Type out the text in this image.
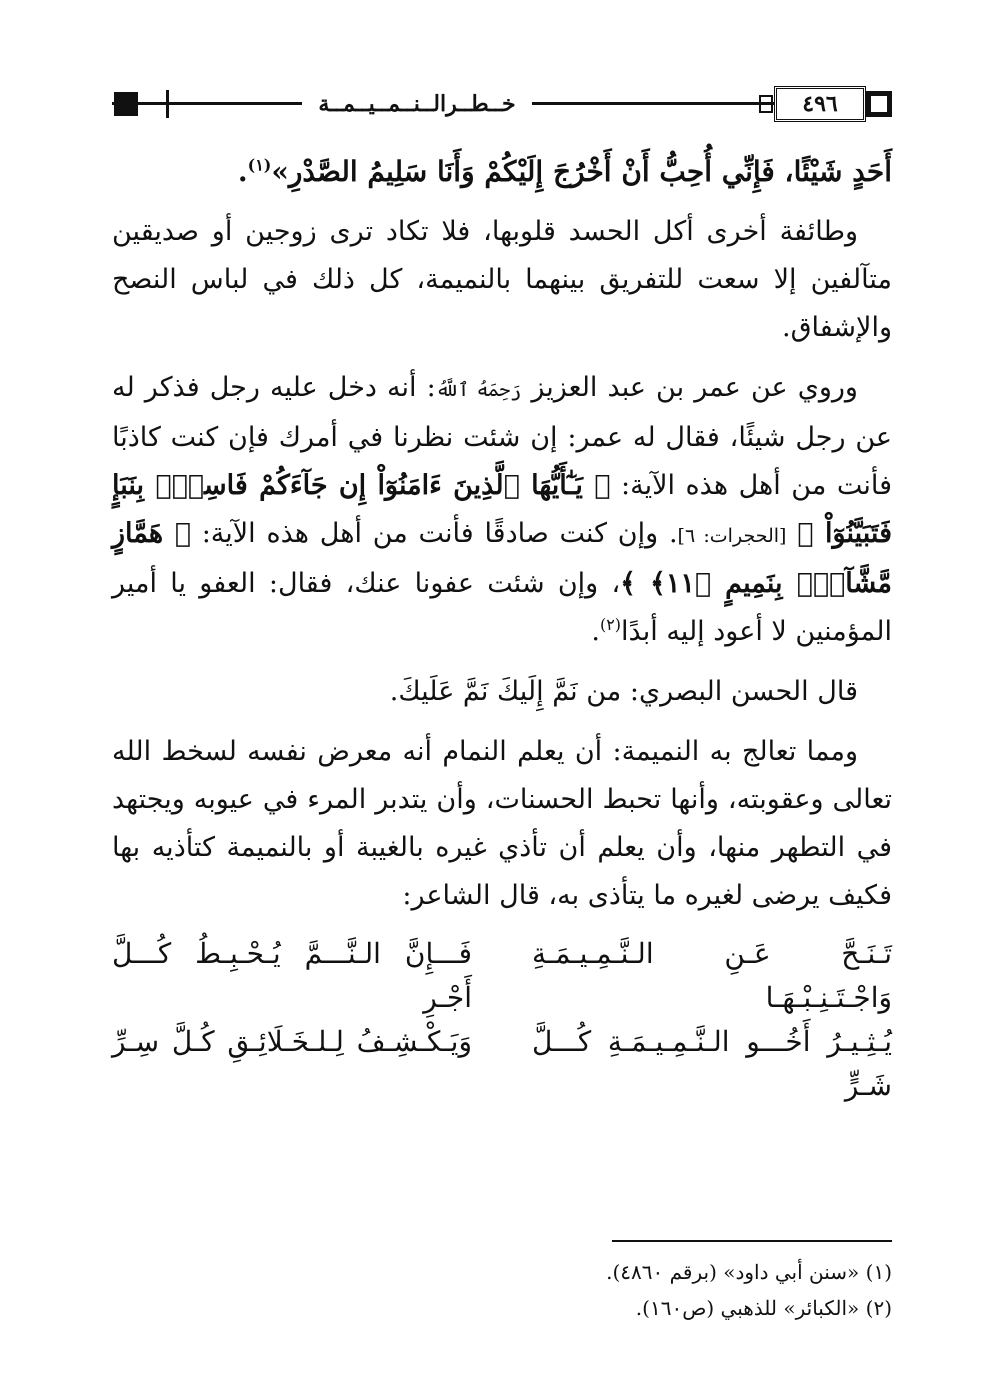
خــطــرالــنــمــيــمــة	٤٩٦

أَحَدٍ شَيْئًا، فَإِنِّي أُحِبُّ أَنْ أَخْرُجَ إِلَيْكُمْ وَأَنَا سَلِيمُ الصَّدْرِ»$^{(١)}$.

وطائفة أخرى أكل الحسد قلوبها، فلا تكاد ترى زوجين أو صديقين متآلفين إلا سعت للتفريق بينهما بالنميمة، كل ذلك في لباس النصح والإشفاق.

وروي عن عمر بن عبد العزيز رَحِمَهُ ٱللَّهُ: أنه دخل عليه رجل فذكر له عن رجل شيئًا، فقال له عمر: إن شئت نظرنا في أمرك فإن كنت كاذبًا فأنت من أهل هذه الآية: ﴿ يَـٰٓأَيُّهَا ٱلَّذِينَ ءَامَنُوٓاْ إِن جَآءَكُمْ فَاسِقُۢ بِنَبَإٍ فَتَبَيَّنُوٓاْ ﴾ [الحجرات: ٦]. وإن كنت صادقًا فأنت من أهل هذه الآية: ﴿ هَمَّازٍ مَّشَّآءِۭ بِنَمِيمٍ ﴿١١﴾ ﴾، وإن شئت عفونا عنك، فقال: العفو يا أمير المؤمنين لا أعود إليه أبدًا$^{(٢)}$.

قال الحسن البصري: من نَمَّ إِلَيكَ نَمَّ عَلَيكَ.

ومما تعالج به النميمة: أن يعلم النمام أنه معرض نفسه لسخط الله تعالى وعقوبته، وأنها تحبط الحسنات، وأن يتدبر المرء في عيوبه ويجتهد في التطهر منها، وأن يعلم أن تأذي غيره بالغيبة أو بالنميمة كتأذيه بها فكيف يرضى لغيره ما يتأذى به، قال الشاعر:

تَـنَـحَّ عَـنِ الـنَّـمِـيـمَـةِ وَاجْـتَـنِـبْـهَـا
فَـــإِنَّ الـنَّـــمَّ يُـحْـبِـطُ كُـــلَّ أَجْـرِ
يُـثِـيـرُ أَخُـــو الـنَّـمِـيـمَـةِ كُـــلَّ شَـرٍّ
وَيَـكْـشِـفُ لِـلـخَـلَائِـقِ كُـلَّ سِـرِّ
(١) «سنن أبي داود» (برقم ٤٨٦٠).
(٢) «الكبائر» للذهبي (ص١٦٠).
